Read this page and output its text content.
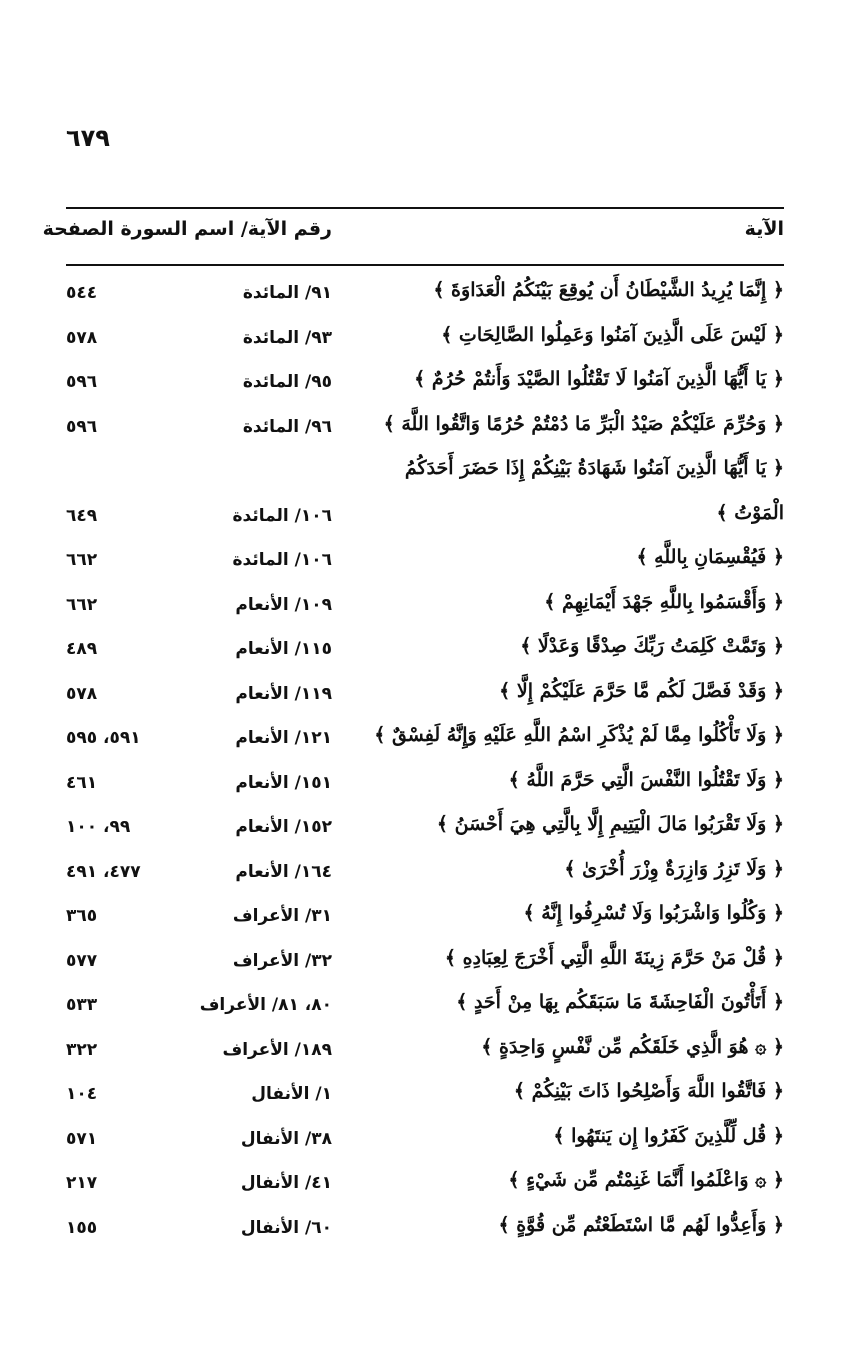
٦٧٩
الآية
رقم الآية/ اسم السورة الصفحة
﴿ إِنَّمَا يُرِيدُ الشَّيْطَانُ أَن يُوقِعَ بَيْنَكُمُ الْعَدَاوَةَ ﴾
٩١/ المائدة
٥٤٤
﴿ لَيْسَ عَلَى الَّذِينَ آمَنُوا وَعَمِلُوا الصَّالِحَاتِ ﴾
٩٣/ المائدة
٥٧٨
﴿ يَا أَيُّهَا الَّذِينَ آمَنُوا لَا تَقْتُلُوا الصَّيْدَ وَأَنتُمْ حُرُمٌ ﴾
٩٥/ المائدة
٥٩٦
﴿ وَحُرِّمَ عَلَيْكُمْ صَيْدُ الْبَرِّ مَا دُمْتُمْ حُرُمًا وَاتَّقُوا اللَّهَ ﴾
٩٦/ المائدة
٥٩٦
﴿ يَا أَيُّهَا الَّذِينَ آمَنُوا شَهَادَةُ بَيْنِكُمْ إِذَا حَضَرَ أَحَدَكُمُ
الْمَوْتُ ﴾
١٠٦/ المائدة
٦٤٩
﴿ فَيُقْسِمَانِ بِاللَّهِ ﴾
١٠٦/ المائدة
٦٦٢
﴿ وَأَقْسَمُوا بِاللَّهِ جَهْدَ أَيْمَانِهِمْ ﴾
١٠٩/ الأنعام
٦٦٢
﴿ وَتَمَّتْ كَلِمَتُ رَبِّكَ صِدْقًا وَعَدْلًا ﴾
١١٥/ الأنعام
٤٨٩
﴿ وَقَدْ فَصَّلَ لَكُم مَّا حَرَّمَ عَلَيْكُمْ إِلَّا ﴾
١١٩/ الأنعام
٥٧٨
﴿ وَلَا تَأْكُلُوا مِمَّا لَمْ يُذْكَرِ اسْمُ اللَّهِ عَلَيْهِ وَإِنَّهُ لَفِسْقٌ ﴾
١٢١/ الأنعام
٥٩١، ٥٩٥
﴿ وَلَا تَقْتُلُوا النَّفْسَ الَّتِي حَرَّمَ اللَّهُ ﴾
١٥١/ الأنعام
٤٦١
﴿ وَلَا تَقْرَبُوا مَالَ الْيَتِيمِ إِلَّا بِالَّتِي هِيَ أَحْسَنُ ﴾
١٥٢/ الأنعام
٩٩، ١٠٠
﴿ وَلَا تَزِرُ وَازِرَةٌ وِزْرَ أُخْرَىٰ ﴾
١٦٤/ الأنعام
٤٧٧، ٤٩١
﴿ وَكُلُوا وَاشْرَبُوا وَلَا تُسْرِفُوا إِنَّهُ ﴾
٣١/ الأعراف
٣٦٥
﴿ قُلْ مَنْ حَرَّمَ زِينَةَ اللَّهِ الَّتِي أَخْرَجَ لِعِبَادِهِ ﴾
٣٢/ الأعراف
٥٧٧
﴿ أَتَأْتُونَ الْفَاحِشَةَ مَا سَبَقَكُم بِهَا مِنْ أَحَدٍ ﴾
٨٠، ٨١/ الأعراف
٥٣٣
﴿ ۞ هُوَ الَّذِي خَلَقَكُم مِّن نَّفْسٍ وَاحِدَةٍ ﴾
١٨٩/ الأعراف
٣٢٢
﴿ فَاتَّقُوا اللَّهَ وَأَصْلِحُوا ذَاتَ بَيْنِكُمْ ﴾
١/ الأنفال
١٠٤
﴿ قُل لِّلَّذِينَ كَفَرُوا إِن يَنتَهُوا ﴾
٣٨/ الأنفال
٥٧١
﴿ ۞ وَاعْلَمُوا أَنَّمَا غَنِمْتُم مِّن شَيْءٍ ﴾
٤١/ الأنفال
٢١٧
﴿ وَأَعِدُّوا لَهُم مَّا اسْتَطَعْتُم مِّن قُوَّةٍ ﴾
٦٠/ الأنفال
١٥٥
